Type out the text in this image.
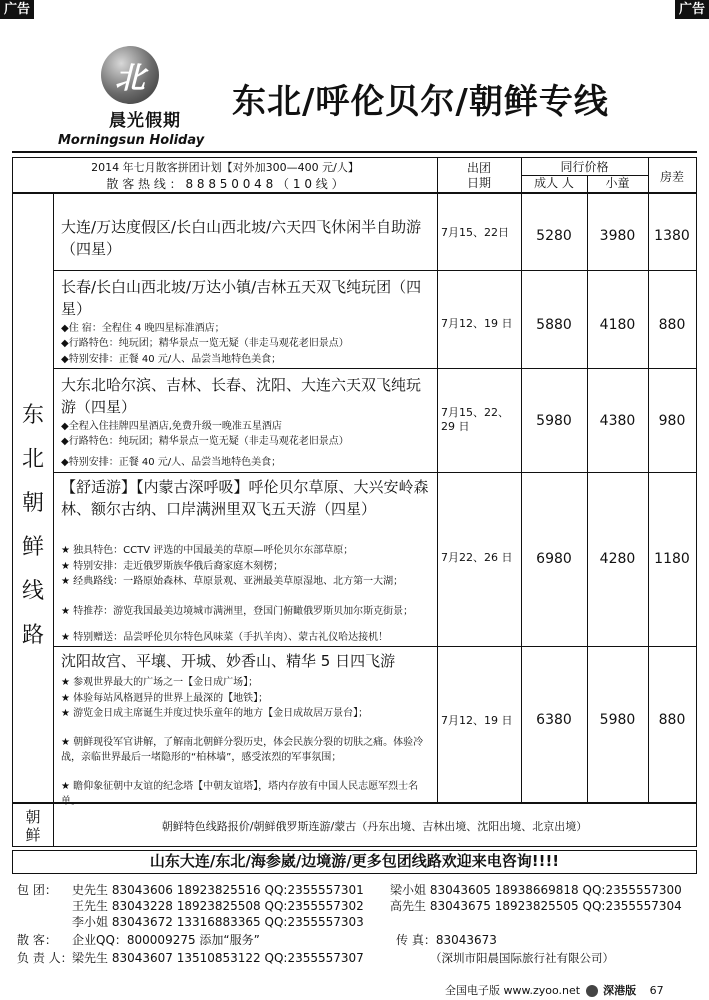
广告	广告
北
晨光假期
Morningsun Holiday
东北/呼伦贝尔/朝鲜专线
2014 年七月散客拼团计划【对外加300—400 元/人】
散 客 热 线 ： 8 8 8 5 0 0 4 8 （ 1 0 线 ）
出团
日期
同行价格
成人 人	小童	房差
东
北
朝
鲜
线
路
大连/万达度假区/长白山西北坡/六天四飞休闲半自助游（四星）
7月15、22日	5280	3980	1380
长春/长白山西北坡/万达小镇/吉林五天双飞纯玩团（四星）
◆住 宿：全程住 4 晚四星标准酒店；
◆行路特色：纯玩团；精华景点一览无疑（非走马观花老旧景点）
◆特别安排：正餐 40 元/人、品尝当地特色美食；
7月12、19 日	5880	4180	880
大东北哈尔滨、吉林、长春、沈阳、大连六天双飞纯玩游（四星）
◆全程入住挂牌四星酒店,免费升级一晚准五星酒店
◆行路特色：纯玩团；精华景点一览无疑（非走马观花老旧景点）
◆特别安排：正餐 40 元/人、品尝当地特色美食；
7月15、22、29 日	5980	4380	980
【舒适游】【内蒙古深呼吸】呼伦贝尔草原、大兴安岭森林、额尔古纳、口岸满洲里双飞五天游（四星）
★ 独具特色：CCTV 评选的中国最美的草原—呼伦贝尔东部草原；
★ 特别安排：走近俄罗斯族华俄后裔家庭木刻楞；
★ 经典路线：一路原始森林、草原景观、亚洲最美草原湿地、北方第一大湖；
★ 特推荐：游览我国最美边境城市满洲里，登国门俯瞰俄罗斯贝加尔斯克街景；
★ 特别赠送：品尝呼伦贝尔特色风味菜（手扒羊肉）、蒙古礼仪哈达接机！
7月22、26 日	6980	4280	1180
沈阳故宫、平壤、开城、妙香山、精华 5 日四飞游
★ 参观世界最大的广场之一【金日成广场】；
★ 体验每站风格迥异的世界上最深的【地铁】；
★ 游览金日成主席诞生并度过快乐童年的地方【金日成故居万景台】；
★ 朝鲜现役军官讲解，了解南北朝鲜分裂历史，体会民族分裂的切肤之痛。体验冷战，亲临世界最后一堵隐形的“柏林墙”，感受浓烈的军事氛围；
★ 瞻仰象征朝中友谊的纪念塔【中朝友谊塔】，塔内存放有中国人民志愿军烈士名单。
7月12、19 日	6380	5980	880
朝
鲜	朝鲜特色线路报价/朝鲜俄罗斯连游/蒙古（丹东出境、吉林出境、沈阳出境、北京出境）
山东大连/东北/海参崴/边境游/更多包团线路欢迎来电咨询!!!!
包 团： 史先生 83043606 18923825516 QQ:2355557301 梁小姐 83043605 18938669818 QQ:2355557300
王先生 83043228 18923825508 QQ:2355557302 高先生 83043675 18923825505 QQ:2355557304
李小姐 83043672 13316883365 QQ:2355557303
散 客： 企业QQ：800009275 添加“服务”	传 真：83043673
负 责 人： 梁先生 83043607 13510853122 QQ:2355557307	（深圳市阳晨国际旅行社有限公司）
全国电子版 www.zyoo.net 深港版 67
